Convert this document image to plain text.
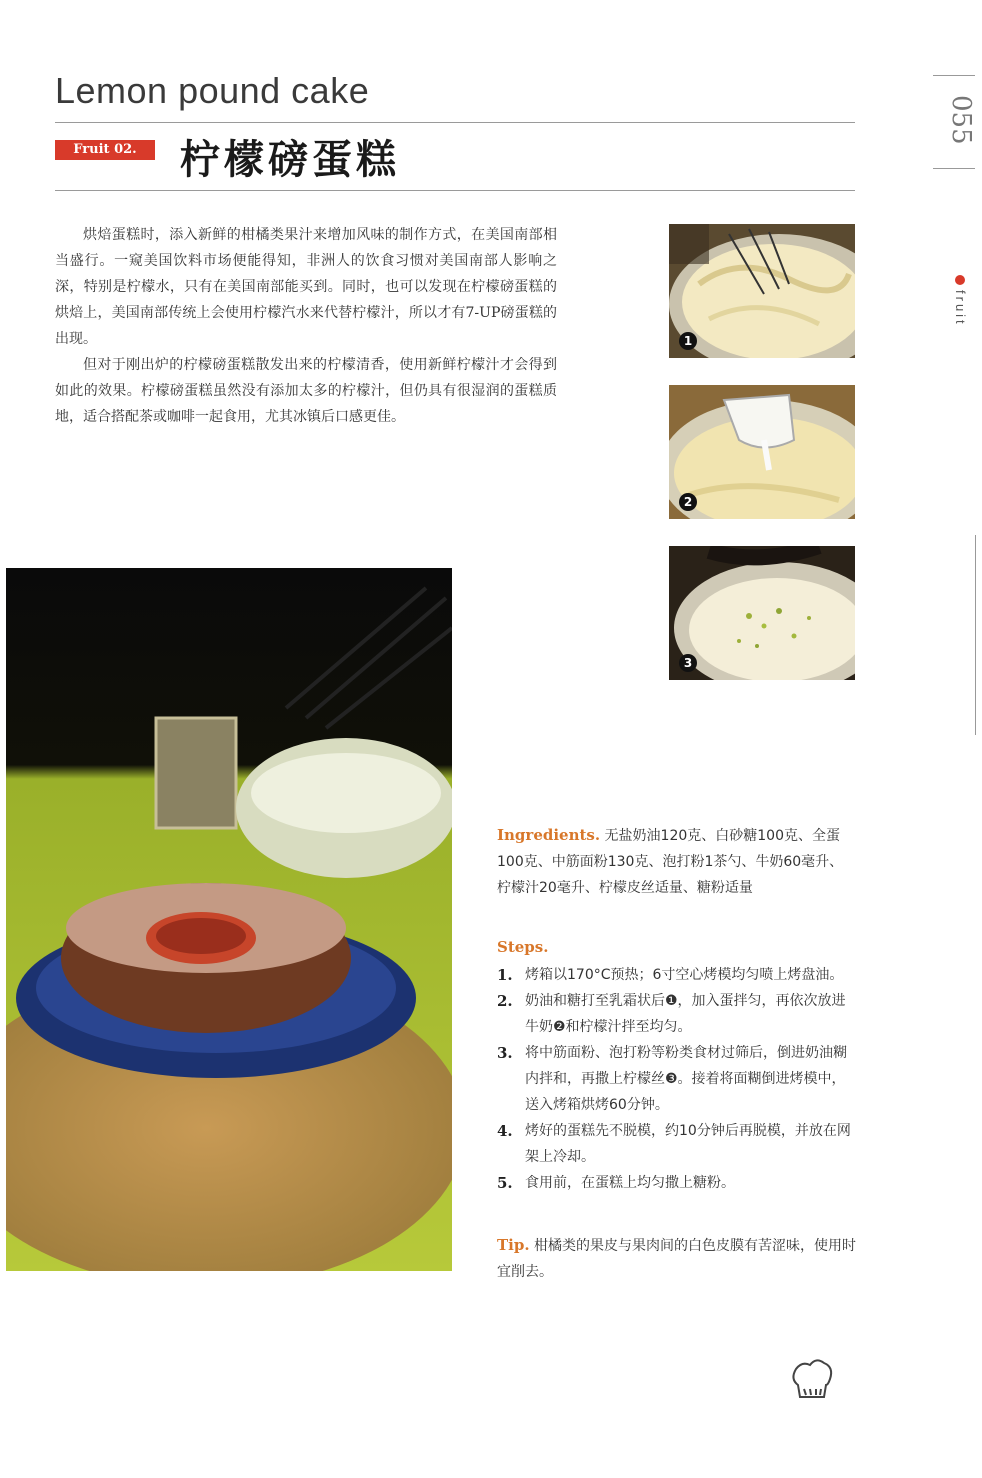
Lemon pound cake
Fruit 02.	柠檬磅蛋糕
055
fruit

烘焙蛋糕时，添入新鲜的柑橘类果汁来增加风味的制作方式，在美国南部相当盛行。一窥美国饮料市场便能得知，非洲人的饮食习惯对美国南部人影响之深，特别是柠檬水，只有在美国南部能买到。同时，也可以发现在柠檬磅蛋糕的烘焙上，美国南部传统上会使用柠檬汽水来代替柠檬汁，所以才有7-UP磅蛋糕的出现。

但对于刚出炉的柠檬磅蛋糕散发出来的柠檬清香，使用新鲜柠檬汁才会得到如此的效果。柠檬磅蛋糕虽然没有添加太多的柠檬汁，但仍具有很湿润的蛋糕质地，适合搭配茶或咖啡一起食用，尤其冰镇后口感更佳。

1
2
3
Ingredients. 无盐奶油120克、白砂糖100克、全蛋100克、中筋面粉130克、泡打粉1茶勺、牛奶60毫升、柠檬汁20毫升、柠檬皮丝适量、糖粉适量
Steps.
1. 烤箱以170°C预热；6寸空心烤模均匀喷上烤盘油。
2. 奶油和糖打至乳霜状后❶，加入蛋拌匀，再依次放进牛奶❷和柠檬汁拌至均匀。
3. 将中筋面粉、泡打粉等粉类食材过筛后，倒进奶油糊内拌和，再撒上柠檬丝❸。接着将面糊倒进烤模中，送入烤箱烘烤60分钟。
4. 烤好的蛋糕先不脱模，约10分钟后再脱模，并放在网架上冷却。
5. 食用前，在蛋糕上均匀撒上糖粉。
Tip. 柑橘类的果皮与果肉间的白色皮膜有苦涩味，使用时宜削去。
